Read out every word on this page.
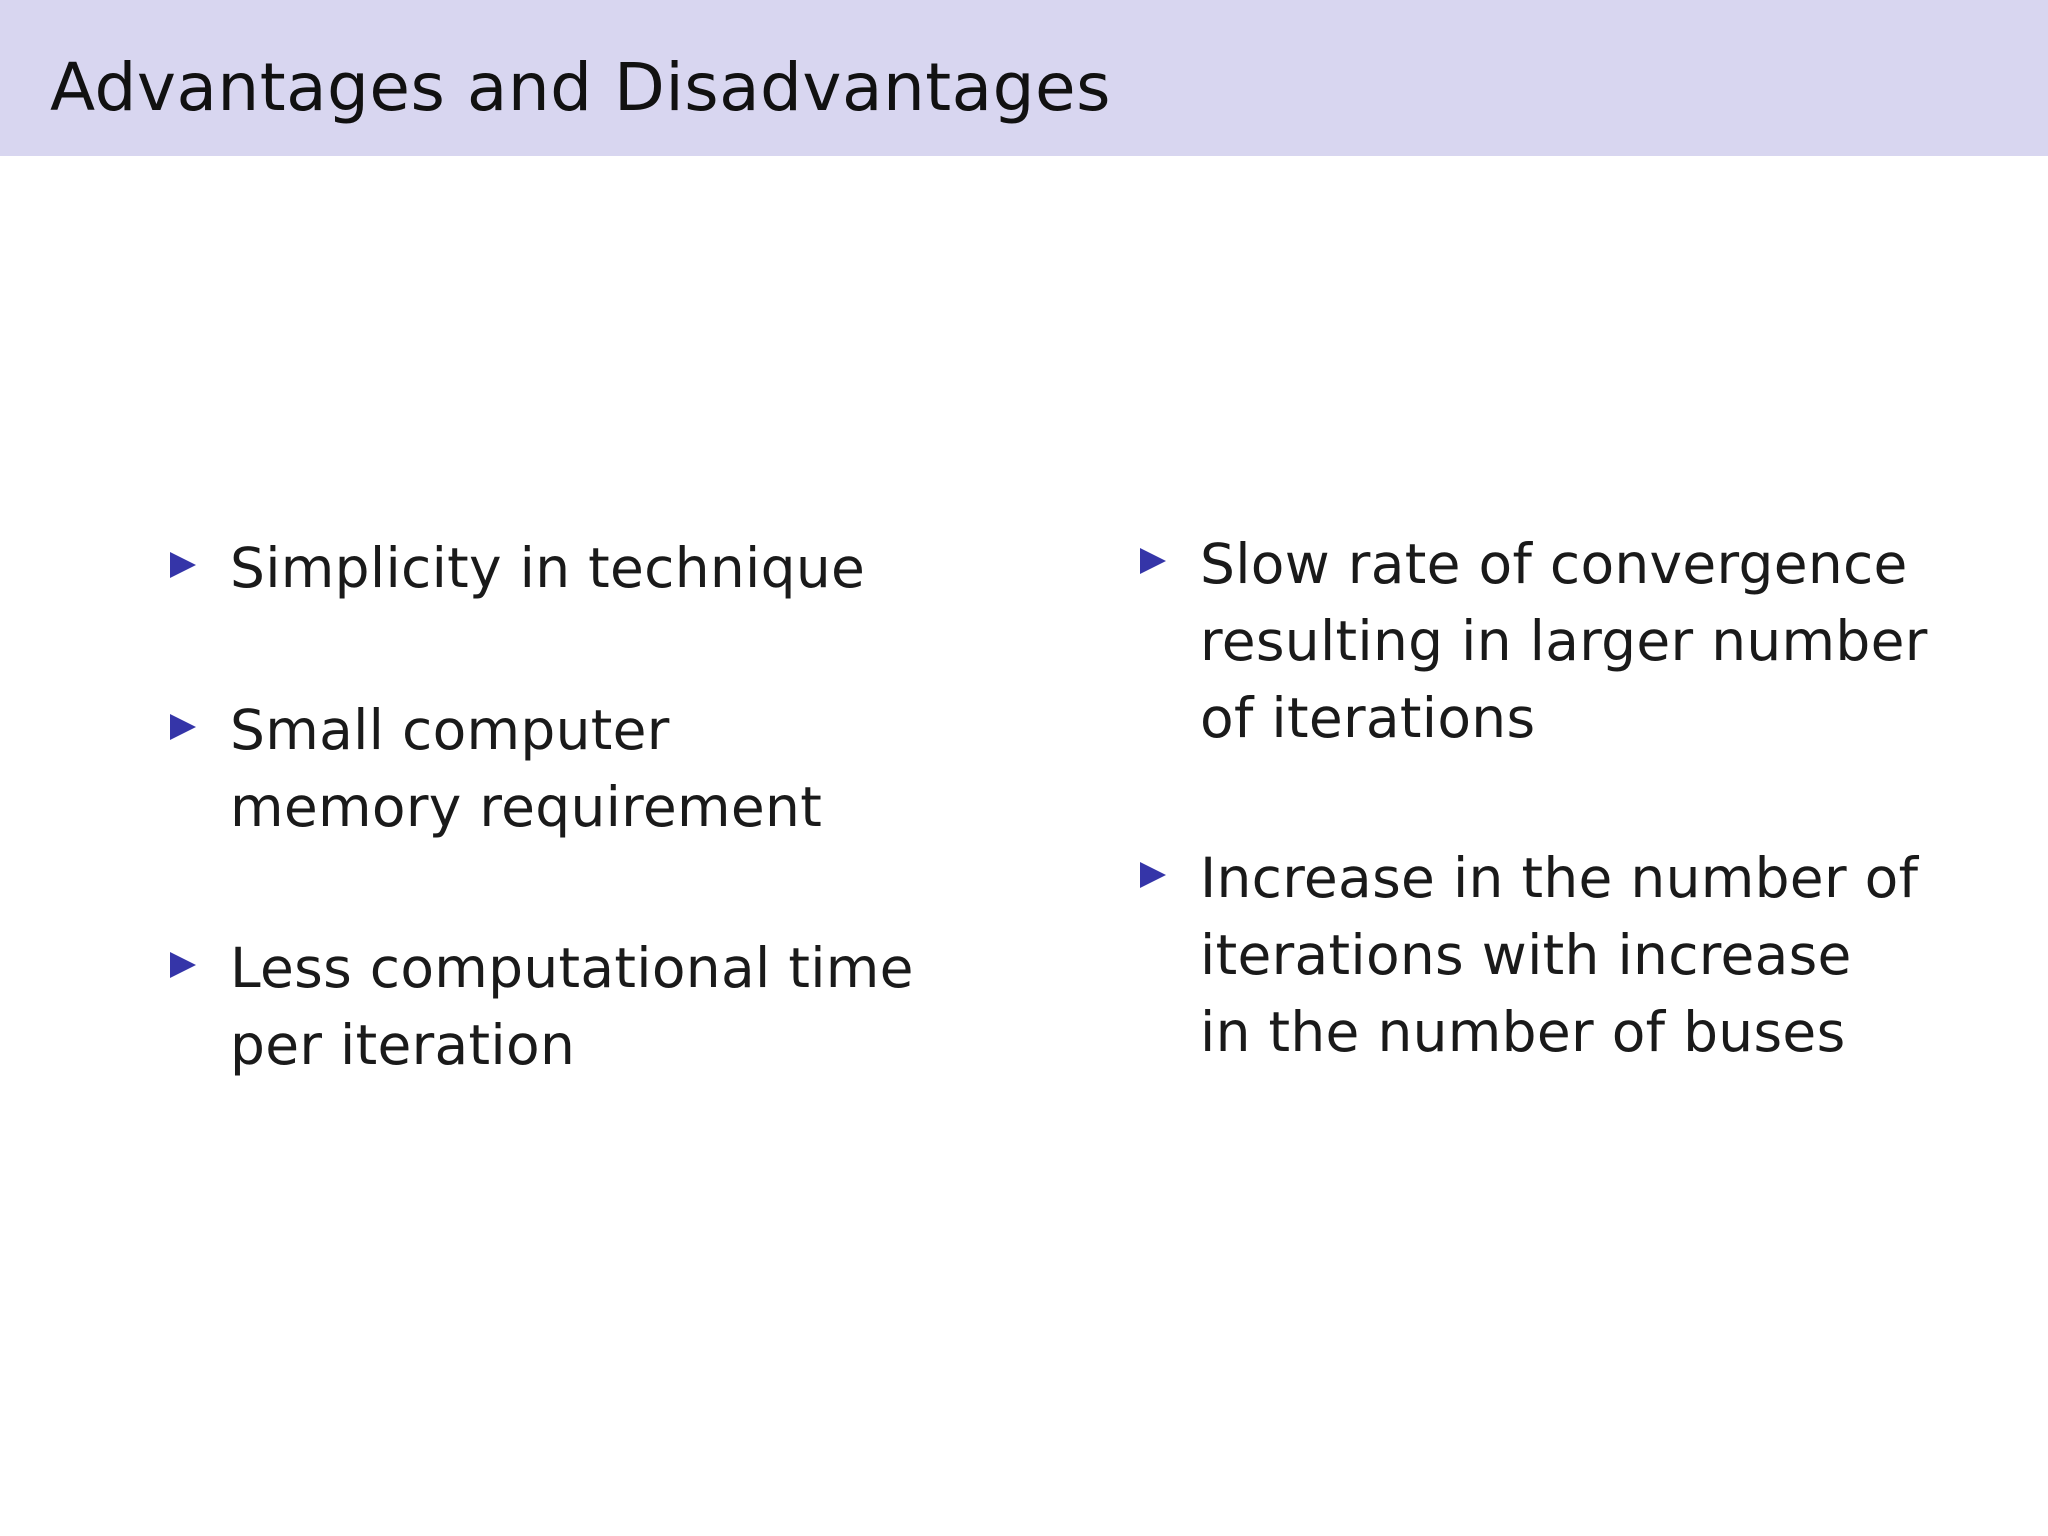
Advantages and Disadvantages
Simplicity in technique
Small computer memory requirement
Less computational time per iteration
Slow rate of convergence resulting in larger number of iterations
Increase in the number of iterations with increase in the number of buses
